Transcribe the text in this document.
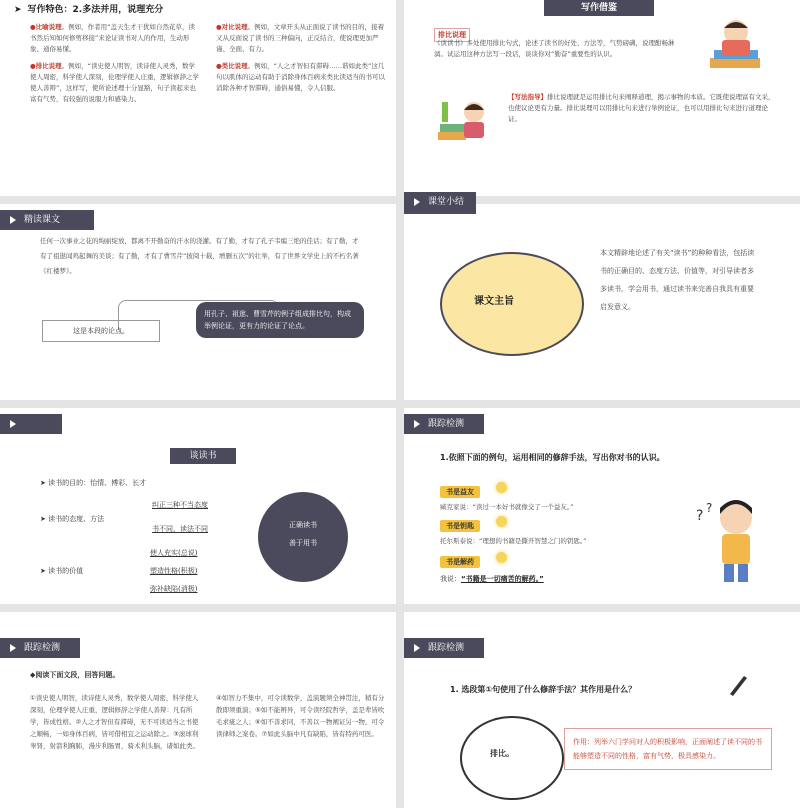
➤ 写作特色：2.多法并用，说理充分
●比喻说理。例如，作者用“盖天生才干犹如自然花草，读书然后知如何修剪移接”来论证读书对人的作用，生动形象、通俗易懂。
●排比说理。例如，“读史使人明智，读诗使人灵秀，数学使人周密，科学使人深刻，伦理学使人庄重，逻辑修辞之学使人善辩”，这样写，使所论述理十分显豁，句子读起来也富有气势，有较强的说服力和感染力。
●对比说理。例如，文章开头从正面说了读书的目的，接着又从反面说了读书的三种偏向，正反结合，使说理更加严谨、全面、有力。
●类比说理。例如，“人之才智但有滞碍……谐如此类”这几句以肌体的运动有助于消除身体百病来类比读适当的书可以消除各种才智滞碍，通俗易懂，令人信服。
写作借鉴
排比说理
《谈读书》多处使用排比句式，论述了读书的好处、方法等，气势磅礴，说理酣畅淋漓。试运用这种方法写一段话，谈谈你对“勤奋”重要性的认识。
【写法指导】排比说理就是运用排比句来阐释道理，揭示事物的本质。它既使说理富有文采，也使议论更有力量。排比说理可以用排比句来进行举例论证，也可以用排比句来进行道理论证。
精读课文
任何一次事业之花的绚丽绽放，都离不开勤奋的汗水的浇灌。有了勤，才有了孔子韦编三绝的佳话；有了勤，才有了祖逖闻鸡起舞的美谈；有了勤，才有了曹雪芹“披阅十载，增删五次”的壮举，有了世界文学史上的不朽名著《红楼梦》。
这是本段的论点。
用孔子、祖逖、曹雪芹的例子组成排比句，构成举例论证，更有力的论证了论点。
课文主旨
本文精辟地论述了有关“读书”的种种看法，包括读书的正确目的、态度方法、价值等，对引导读者多多读书，学会用书，通过读书来完善自我具有重要启发意义。
课堂小结
谈读书
➤ 读书的目的：怡情、傅彩、长才
➤ 读书的态度、方法
纠正三种不当态度
书不同，读法不同
➤ 读书的价值
使人充实(总说)
塑造性格(积极)
弥补缺陷(消极)
正确读书
善于用书
跟踪检测
1.依照下面的例句，运用相同的修辞手法，写出你对书的认识。
书是益友
臧克家说：“读过一本好书就像交了一个益友。”
书是钥匙
托尔斯泰说：“理想的书籍是撕开智慧之门的钥匙。”
书是解药
我说：“书籍是一切痛苦的解药。”
? ?
跟踪检测
◆阅读下面文段，回答问题。
①读史使人明智，读诗使人灵秀，数学使人周密，科学使人深刻，伦理学使人庄重，逻辑修辞之学使人善辩：凡有所学，皆成性格。②人之才智但有滞碍，无不可读适当之书使之顺畅，一如身体百病，皆可借相宜之运动除之。③滚球利睾肾，射箭利胸肺，漫步利肠胃，骑术利头脑，诸如此类。
④如智力不集中，可令读数学，盖演题须全神贯注，稍有分散即须重演；⑤如不能辨异，可令读经院哲学，盖是辈皆吹毛求疵之人；⑥如不善求同，不善以一物阐证另一物，可令读律师之案卷。⑦如此头脑中凡有缺陷，皆有特药可医。
跟踪检测
1. 选段第①句使用了什么修辞手法？其作用是什么？
排比。
作用：列举六门学问对人的积极影响，正面阐述了读不同的书能够塑造不同的性格，富有气势，极具感染力。
